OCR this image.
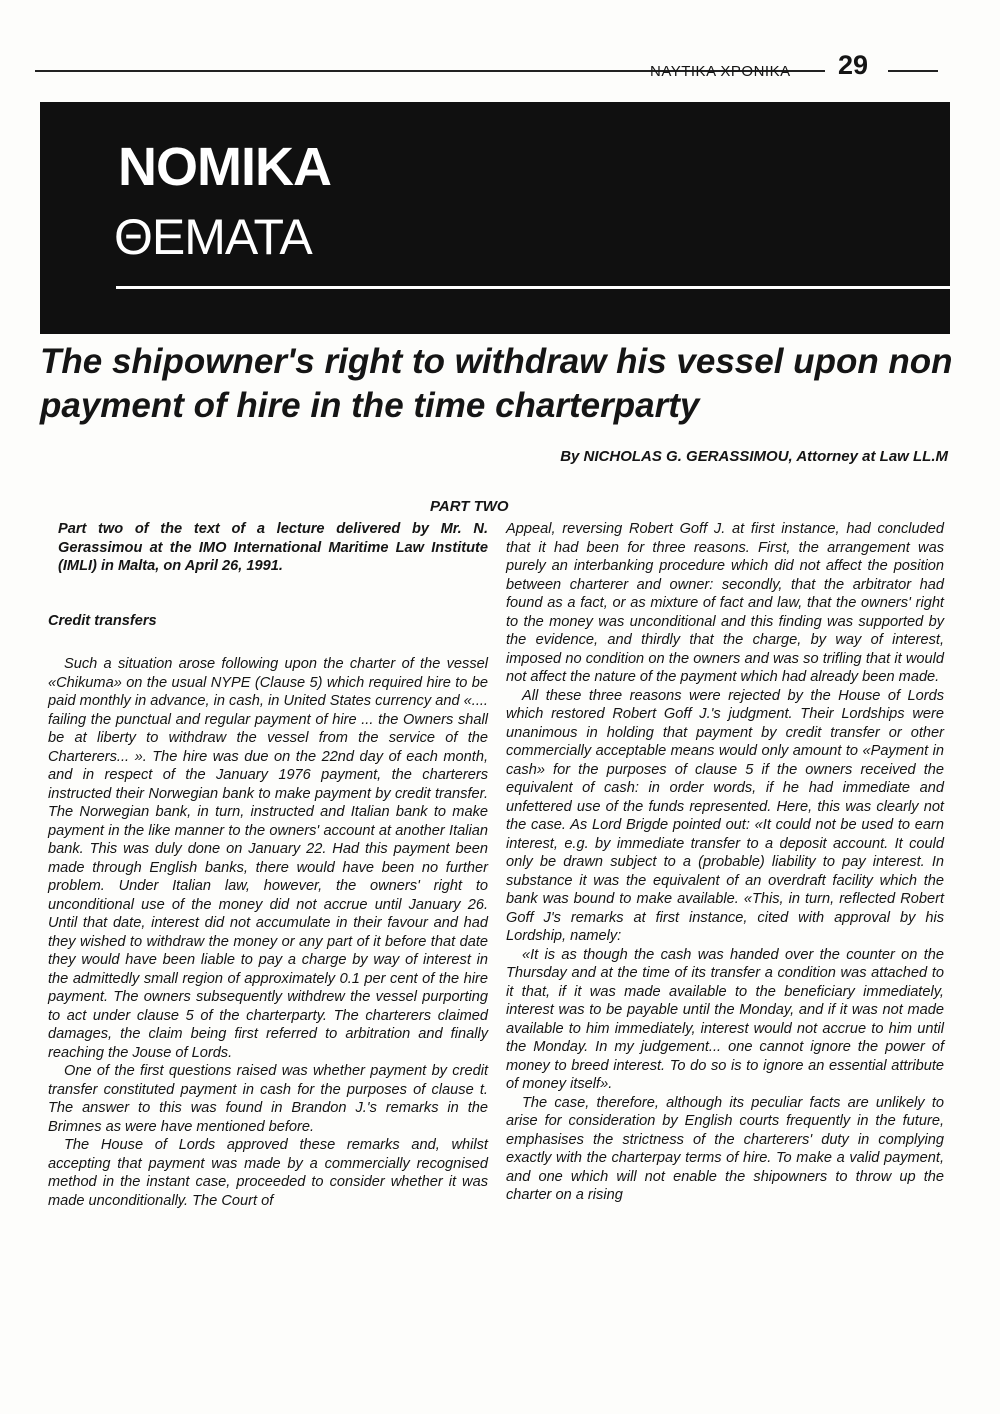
ΝΑΥΤΙΚΑ ΧΡΟΝΙΚΑ 29
NOMIKA
ΘΕΜΑΤΑ
The shipowner's right to withdraw his vessel upon non payment of hire in the time charterparty
By NICHOLAS G. GERASSIMOU, Attorney at Law LL.M
PART TWO

Part two of the text of a lecture delivered by Mr. N. Gerassimou at the IMO International Maritime Law Institute (IMLI) in Malta, on April 26, 1991.

Credit transfers

Such a situation arose following upon the charter of the vessel «Chikuma» on the usual NYPE (Clause 5) which required hire to be paid monthly in advance, in cash, in United States currency and «.... failing the punctual and regular payment of hire ... the Owners shall be at liberty to withdraw the vessel from the service of the Charterers... ». The hire was due on the 22nd day of each month, and in respect of the January 1976 payment, the charterers instructed their Norwegian bank to make payment by credit transfer. The Norwegian bank, in turn, instructed and Italian bank to make payment in the like manner to the owners' account at another Italian bank. This was duly done on January 22. Had this payment been made through English banks, there would have been no further problem. Under Italian law, however, the owners' right to unconditional use of the money did not accrue until January 26. Until that date, interest did not accumulate in their favour and had they wished to withdraw the money or any part of it before that date they would have been liable to pay a charge by way of interest in the admittedly small region of approximately 0.1 per cent of the hire payment. The owners subsequently withdrew the vessel purporting to act under clause 5 of the charterparty. The charterers claimed damages, the claim being first referred to arbitration and finally reaching the Jouse of Lords.

One of the first questions raised was whether payment by credit transfer constituted payment in cash for the purposes of clause t. The answer to this was found in Brandon J.'s remarks in the Brimnes as were have mentioned before.

The House of Lords approved these remarks and, whilst accepting that payment was made by a commercially recognised method in the instant case, proceeded to consider whether it was made unconditionally. The Court of

Appeal, reversing Robert Goff J. at first instance, had concluded that it had been for three reasons. First, the arrangement was purely an interbanking procedure which did not affect the position between charterer and owner: secondly, that the arbitrator had found as a fact, or as mixture of fact and law, that the owners' right to the money was unconditional and this finding was supported by the evidence, and thirdly that the charge, by way of interest, imposed no condition on the owners and was so trifling that it would not affect the nature of the payment which had already been made.

All these three reasons were rejected by the House of Lords which restored Robert Goff J.'s judgment. Their Lordships were unanimous in holding that payment by credit transfer or other commercially acceptable means would only amount to «Payment in cash» for the purposes of clause 5 if the owners received the equivalent of cash: in order words, if he had immediate and unfettered use of the funds represented. Here, this was clearly not the case. As Lord Brigde pointed out: «It could not be used to earn interest, e.g. by immediate transfer to a deposit account. It could only be drawn subject to a (probable) liability to pay interest. In substance it was the equivalent of an overdraft facility which the bank was bound to make available. «This, in turn, reflected Robert Goff J's remarks at first instance, cited with approval by his Lordship, namely:

«It is as though the cash was handed over the counter on the Thursday and at the time of its transfer a condition was attached to it that, if it was made available to the beneficiary immediately, interest was to be payable until the Monday, and if it was not made available to him immediately, interest would not accrue to him until the Monday. In my judgement... one cannot ignore the power of money to breed interest. To do so is to ignore an essential attribute of money itself».

The case, therefore, although its peculiar facts are unlikely to arise for consideration by English courts frequently in the future, emphasises the strictness of the charterers' duty in complying exactly with the charterpay terms of hire. To make a valid payment, and one which will not enable the shipowners to throw up the charter on a rising
